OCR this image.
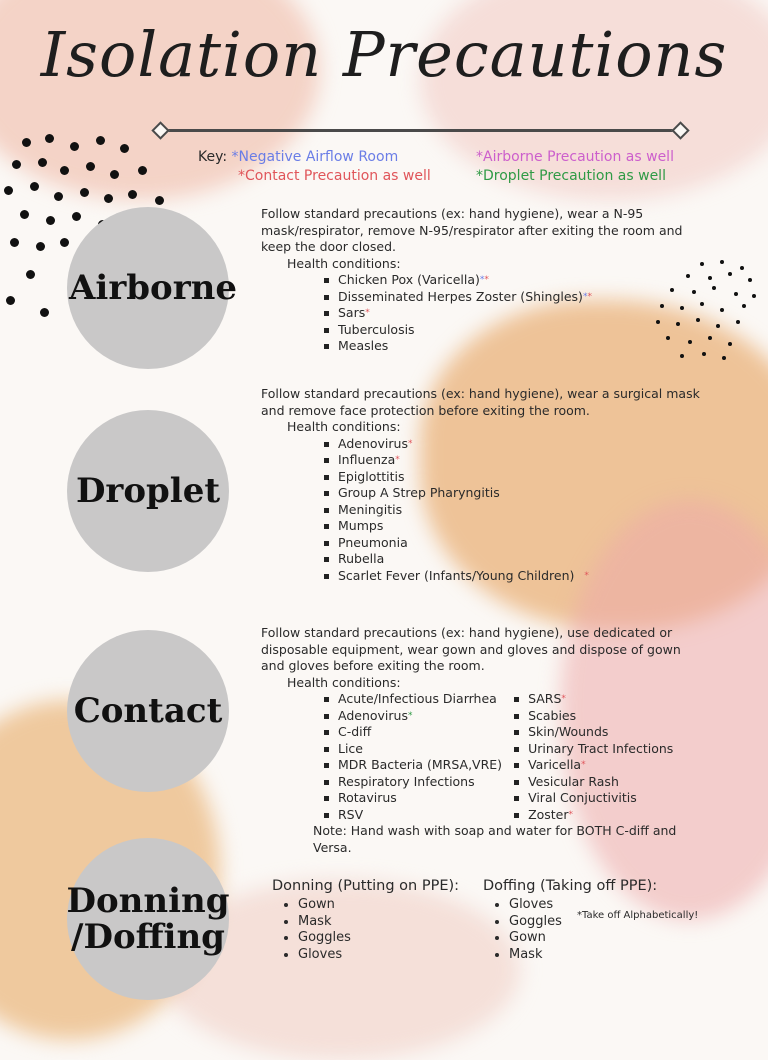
Isolation Precautions
Key: *Negative Airflow Room
*Contact Precaution as well
*Airborne Precaution as well
*Droplet Precaution as well
Airborne

Follow standard precautions (ex: hand hygiene), wear a N-95 mask/respirator, remove N-95/respirator after exiting the room and keep the door closed.

Health conditions:

Chicken Pox (Varicella)**
Disseminated Herpes Zoster (Shingles)**
Sars*
Tuberculosis
Measles
Droplet

Follow standard precautions (ex: hand hygiene), wear a surgical mask and remove face protection before exiting the room.

Health conditions:

Adenovirus*
Influenza*
Epiglottitis
Group A Strep Pharyngitis
Meningitis
Mumps
Pneumonia
Rubella
Scarlet Fever (Infants/Young Children) *
Contact

Follow standard precautions (ex: hand hygiene), use dedicated or disposable equipment, wear gown and gloves and dispose of gown and gloves before exiting the room.

Health conditions:

Acute/Infectious Diarrhea
Adenovirus*
C-diff
Lice
MDR Bacteria (MRSA,VRE)
Respiratory Infections
Rotavirus
RSV
SARS*
Scabies
Skin/Wounds
Urinary Tract Infections
Varicella*
Vesicular Rash
Viral Conjuctivitis
Zoster*

Note: Hand wash with soap and water for BOTH C-diff and Versa.

Donning
/Doffing
Donning (Putting on PPE):
• Gown
• Mask
• Goggles
• Gloves
Doffing (Taking off PPE):
• Gloves
• Goggles
• Gown
• Mask
*Take off Alphabetically!
